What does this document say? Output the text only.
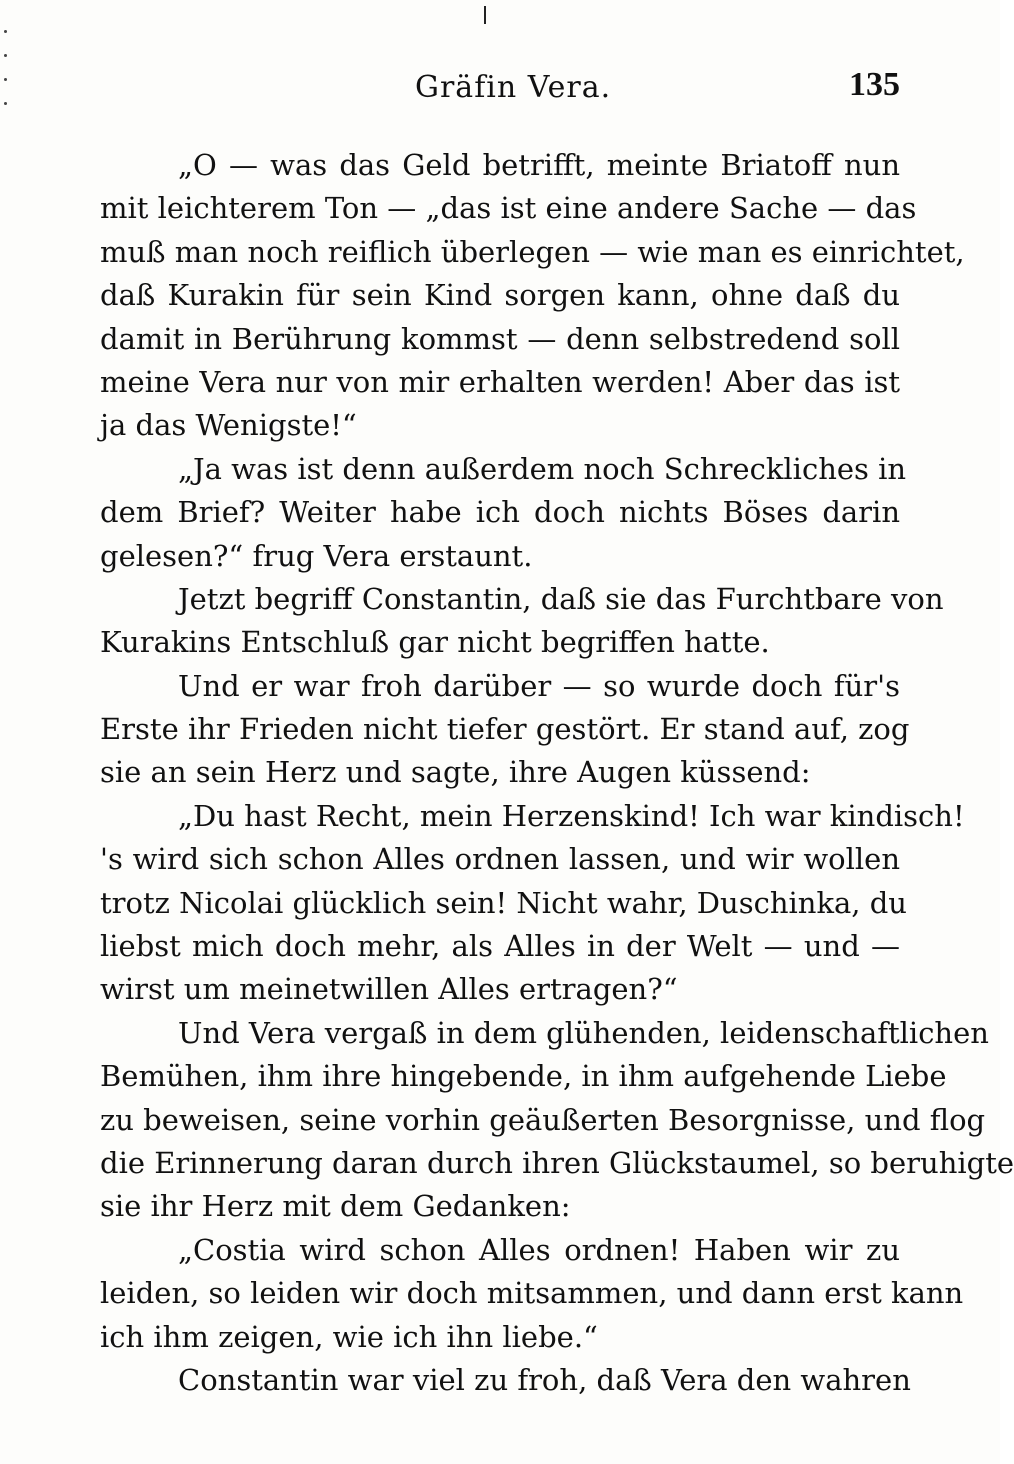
Gräfin Vera.	135
„O — was das Geld betrifft, meinte Briatoff nun
mit leichterem Ton — „das ist eine andere Sache — das
muß man noch reiflich überlegen — wie man es einrichtet,
daß Kurakin für sein Kind sorgen kann, ohne daß du
damit in Berührung kommst — denn selbstredend soll
meine Vera nur von mir erhalten werden! Aber das ist
ja das Wenigste!“
„Ja was ist denn außerdem noch Schreckliches in
dem Brief? Weiter habe ich doch nichts Böses darin
gelesen?“ frug Vera erstaunt.
Jetzt begriff Constantin, daß sie das Furchtbare von
Kurakins Entschluß gar nicht begriffen hatte.
Und er war froh darüber — so wurde doch für's
Erste ihr Frieden nicht tiefer gestört. Er stand auf, zog
sie an sein Herz und sagte, ihre Augen küssend:
„Du hast Recht, mein Herzenskind! Ich war kindisch!
's wird sich schon Alles ordnen lassen, und wir wollen
trotz Nicolai glücklich sein! Nicht wahr, Duschinka, du
liebst mich doch mehr, als Alles in der Welt — und —
wirst um meinetwillen Alles ertragen?“
Und Vera vergaß in dem glühenden, leidenschaftlichen
Bemühen, ihm ihre hingebende, in ihm aufgehende Liebe
zu beweisen, seine vorhin geäußerten Besorgnisse, und flog
die Erinnerung daran durch ihren Glückstaumel, so beruhigte
sie ihr Herz mit dem Gedanken:
„Costia wird schon Alles ordnen! Haben wir zu
leiden, so leiden wir doch mitsammen, und dann erst kann
ich ihm zeigen, wie ich ihn liebe.“
Constantin war viel zu froh, daß Vera den wahren
